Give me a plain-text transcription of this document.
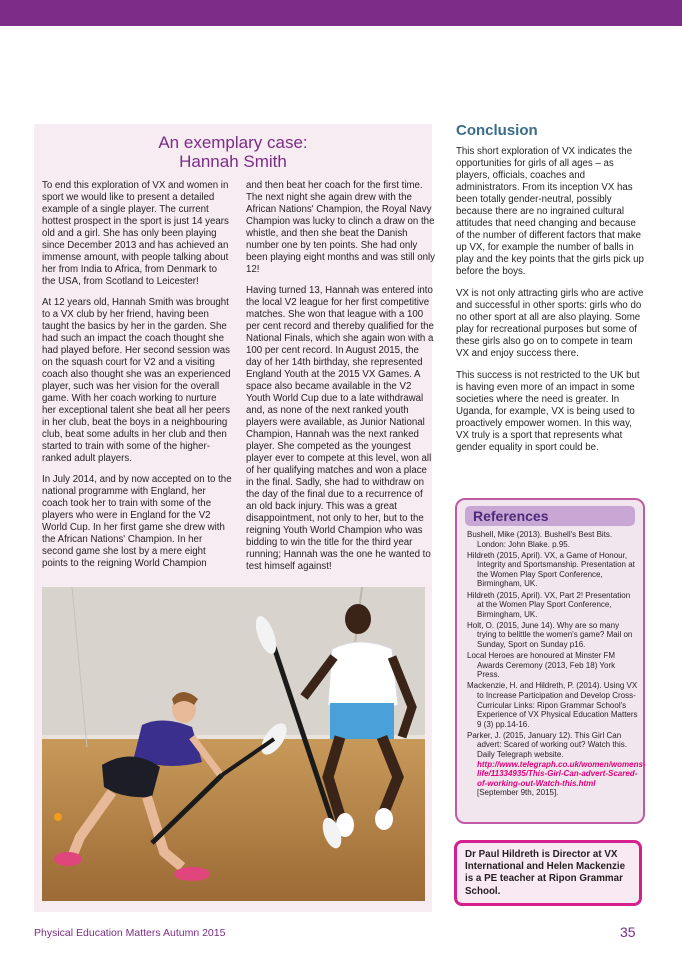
An exemplary case:
Hannah Smith

To end this exploration of VX and women in sport we would like to present a detailed example of a single player. The current hottest prospect in the sport is just 14 years old and a girl. She has only been playing since December 2013 and has achieved an immense amount, with people talking about her from India to Africa, from Denmark to the USA, from Scotland to Leicester!

At 12 years old, Hannah Smith was brought to a VX club by her friend, having been taught the basics by her in the garden. She had such an impact the coach thought she had played before. Her second session was on the squash court for V2 and a visiting coach also thought she was an experienced player, such was her vision for the overall game. With her coach working to nurture her exceptional talent she beat all her peers in her club, beat the boys in a neighbouring club, beat some adults in her club and then started to train with some of the higher-ranked adult players.

In July 2014, and by now accepted on to the national programme with England, her coach took her to train with some of the players who were in England for the V2 World Cup. In her first game she drew with the African Nations' Champion. In her second game she lost by a mere eight points to the reigning World Champion

and then beat her coach for the first time. The next night she again drew with the African Nations' Champion, the Royal Navy Champion was lucky to clinch a draw on the whistle, and then she beat the Danish number one by ten points. She had only been playing eight months and was still only 12!

Having turned 13, Hannah was entered into the local V2 league for her first competitive matches. She won that league with a 100 per cent record and thereby qualified for the National Finals, which she again won with a 100 per cent record. In August 2015, the day of her 14th birthday, she represented England Youth at the 2015 VX Games. A space also became available in the V2 Youth World Cup due to a late withdrawal and, as none of the next ranked youth players were available, as Junior National Champion, Hannah was the next ranked player. She competed as the youngest player ever to compete at this level, won all of her qualifying matches and won a place in the final. Sadly, she had to withdraw on the day of the final due to a recurrence of an old back injury. This was a great disappointment, not only to her, but to the reigning Youth World Champion who was bidding to win the title for the third year running; Hannah was the one he wanted to test himself against!

Conclusion

This short exploration of VX indicates the opportunities for girls of all ages – as players, officials, coaches and administrators. From its inception VX has been totally gender-neutral, possibly because there are no ingrained cultural attitudes that need changing and because of the number of different factors that make up VX, for example the number of balls in play and the key points that the girls pick up before the boys.

VX is not only attracting girls who are active and successful in other sports: girls who do no other sport at all are also playing. Some play for recreational purposes but some of these girls also go on to compete in team VX and enjoy success there.

This success is not restricted to the UK but is having even more of an impact in some societies where the need is greater. In Uganda, for example, VX is being used to proactively empower women. In this way, VX truly is a sport that represents what gender equality in sport could be.

References
Bushell, Mike (2013). Bushell's Best Bits. London: John Blake. p.95.
Hildreth (2015, April). VX, a Game of Honour, Integrity and Sportsmanship. Presentation at the Women Play Sport Conference, Birmingham, UK.
Hildreth (2015, April). VX, Part 2! Presentation at the Women Play Sport Conference, Birmingham, UK.
Holt, O. (2015, June 14). Why are so many trying to belittle the women's game? Mail on Sunday, Sport on Sunday p16.
Local Heroes are honoured at Minster FM Awards Ceremony (2013, Feb 18) York Press.
Mackenzie, H. and Hildreth, P. (2014). Using VX to Increase Participation and Develop Cross-Curricular Links: Ripon Grammar School's Experience of VX Physical Education Matters 9 (3) pp.14-16.
Parker, J. (2015, January 12). This Girl Can advert: Scared of working out? Watch this. Daily Telegraph website. http://www.telegraph.co.uk/women/womens-life/11334935/This-Girl-Can-advert-Scared-of-working-out-Watch-this.html [September 9th, 2015].
Dr Paul Hildreth is Director at VX International and Helen Mackenzie is a PE teacher at Ripon Grammar School.
Physical Education Matters Autumn 2015	35
